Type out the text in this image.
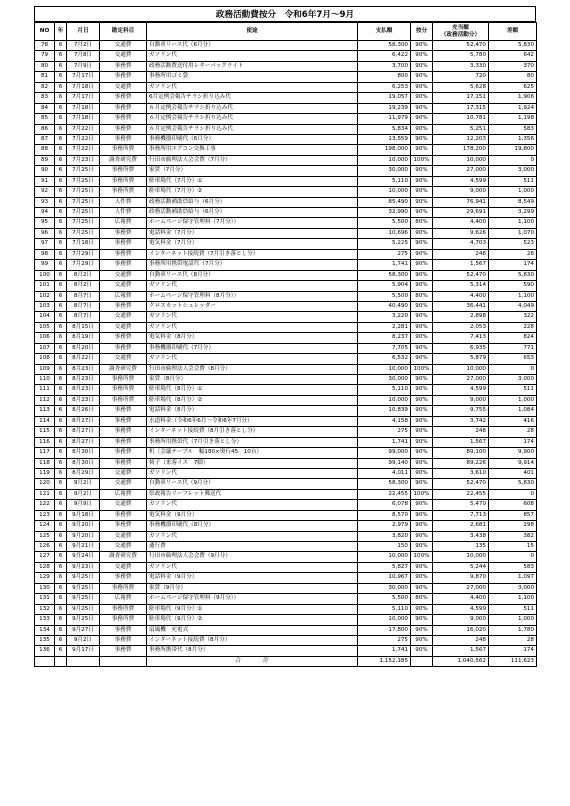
政務活動費按分　令和6年7月～9月
NO	年	月日	勘定科目	使途	支払額	按分	充当額
（政務活動分）	差額
78	6	7月2日	交通費	自動車リース代（6月分）	58,300	90%	52,470	5,830
79	6	7月8日	交通費	ガソリン代	6,422	90%	5,780	642
80	6	7月9日	事務費	政務活動費送付用レターパックライト	3,700	90%	3,330	370
81	6	7月17日	事務費	事務所用ゴミ袋	800	90%	720	80
82	6	7月18日	交通費	ガソリン代	6,253	90%	5,628	625
83	6	7月17日	事務費	6月定例会報告チラシ折り込み代	19,057	90%	17,151	1,906
84	6	7月18日	事務費	６月定例会報告チラシ折り込み代	19,239	90%	17,315	1,924
85	6	7月18日	事務費	６月定例会報告チラシ折り込み代	11,979	90%	10,781	1,198
86	6	7月22日	事務費	６月定例会報告チラシ折り込み代	5,834	90%	5,251	583
87	6	7月22日	事務費	事務機器印刷代（6月分）	13,559	90%	12,203	1,356
88	6	7月22日	事務所費	事務所用エアコン交換工事	198,000	90%	178,200	19,800
89	6	7月23日	調査研究費	行田市倫理法人会会費（7月分）	10,000	100%	10,000	0
90	6	7月25日	事務所費	家賃（7月分）	30,000	90%	27,000	3,000
91	6	7月25日	事務所費	駐車場代（7月分）①	5,110	90%	4,599	511
92	6	7月25日	事務所費	駐車場代（7月分）②	10,000	90%	9,000	1,000
93	6	7月25日	人件費	政務活動補助員給与（6月分）	85,490	90%	76,941	8,549
94	6	7月25日	人件費	政務活動補助員給与（6月分）	32,990	90%	29,691	3,299
95	6	7月25日	広報費	ホームページ保守管理料（7月分））	5,500	80%	4,400	1,100
96	6	7月25日	事務費	電話料金（7月分）	10,696	90%	9,626	1,070
97	6	7月18日	事務費	電気料金（7月分）	5,225	90%	4,703	523
98	6	7月29日	事務費	インターネット接続費（7月引き落とし分）	275	90%	248	28
99	6	7月29日	事務費	事務所用携帯電話代（7月分）	1,741	90%	1,567	174
100	6	8月2日	交通費	自動車リース代（8月分）	58,300	90%	52,470	5,830
101	6	8月2日	交通費	ガソリン代	5,904	90%	5,314	590
102	6	8月7日	広報費	ホームページ保守管理料（8月分））	5,500	80%	4,400	1,100
103	6	8月7日	事務費	クロスカットシュレッダー	40,490	90%	36,441	4,049
104	6	8月7日	交通費	ガソリン代	3,220	90%	2,898	322
105	6	8月15日	交通費	ガソリン代	2,281	90%	2,053	228
106	6	8月19日	事務費	電気料金（8月分）	8,237	90%	7,413	824
107	6	8月20日	事務費	事務機器印刷代（7月分）	7,705	90%	6,935	771
108	6	8月22日	交通費	ガソリン代	6,532	90%	5,879	653
109	6	8月23日	調査研究費	行田市倫理法人会会費（8月分）	10,000	100%	10,000	0
110	6	8月23日	事務所費	家賃（8月分）	30,000	90%	27,000	3,000
111	6	8月23日	事務所費	駐車場代（8月分）①	5,110	90%	4,599	511
112	6	8月23日	事務所費	駐車場代（8月分）②	10,000	90%	9,000	1,000
113	6	8月26日	事務費	電話料金（8月分）	10,839	90%	9,755	1,084
114	6	8月27日	事務費	水道料金（令和6年6月～令和6年7月分）	4,158	90%	3,742	416
115	6	8月27日	事務費	インターネット接続費（8月引き落とし分）	275	90%	248	28
116	6	8月27日	事務費	事務所用携帯代（7月引き落とし分）	1,741	90%	1,567	174
117	6	8月30日	事務費	机（会議テーブル　幅180×奥行45　10台）	99,000	90%	89,100	9,900
118	6	8月30日	事務費	椅子（来客イス　7脚）	99,140	90%	89,226	9,914
119	6	8月29日	交通費	ガソリン代	4,011	90%	3,610	401
120	6	9月2日	交通費	自動車リース代（9月分）	58,300	90%	52,470	5,830
121	6	9月2日	広報費	県政報告リーフレット郵送代	22,455	100%	22,455	0
122	6	9月9日	交通費	ガソリン代	6,078	90%	5,470	608
123	6	9月18日	事務費	電気料金（9月分）	8,570	90%	7,713	857
124	6	9月20日	事務費	事務機器印刷代（8月分）	2,979	90%	2,681	298
125	6	9月20日	交通費	ガソリン代	3,820	90%	3,438	382
126	6	9月21日	交通費	通行費	150	90%	135	15
127	6	9月24日	調査研究費	行田市倫理法人会会費（9月分）	10,000	100%	10,000	0
128	6	9月23日	交通費	ガソリン代	5,827	90%	5,244	583
129	6	9月25日	事務費	電話料金（9月分）	10,967	90%	9,870	1,097
130	6	9月25日	事務所費	家賃（9月分）	30,000	90%	27,000	3,000
131	6	9月25日	広報費	ホームページ保守管理料（9月分））	5,500	80%	4,400	1,100
132	6	9月25日	事務所費	駐車場代（9月分）①	5,110	90%	4,599	511
133	6	9月25日	事務所費	駐車場代（9月分）②	10,000	90%	9,000	1,000
134	6	9月27日	事務費	扇風機　充電式	17,800	90%	16,020	1,780
135	6	9月2日	事務費	インターネット接続費（8月分）	275	90%	248	28
136	6	9月17日	事務費	事務所携帯代（8月分）	1,741	90%	1,567	174
				合　　　　計	1,152,185		1,040,562	111,623
